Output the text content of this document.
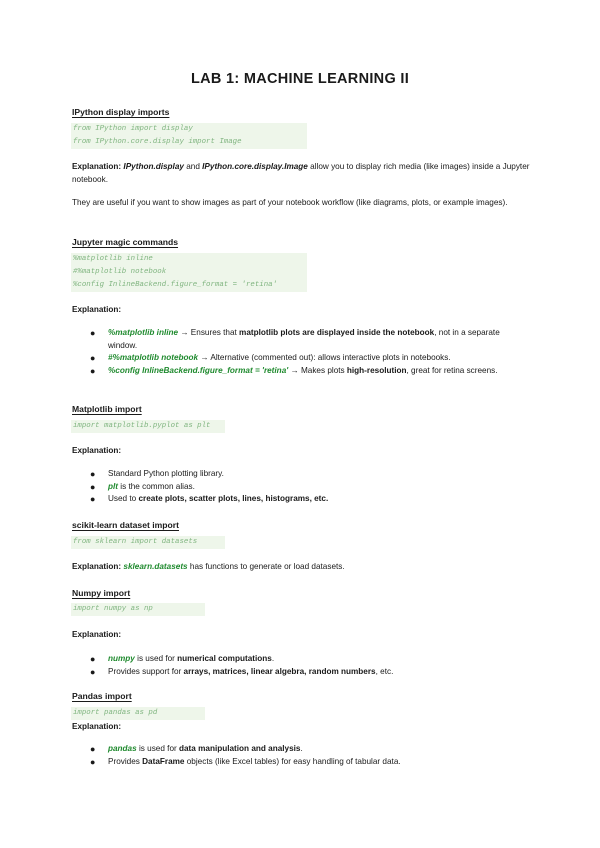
LAB 1: MACHINE LEARNING II
IPython display imports
from IPython import display
from IPython.core.display import Image
Explanation: IPython.display and IPython.core.display.Image allow you to display rich media (like images) inside a Jupyter notebook.
They are useful if you want to show images as part of your notebook workflow (like diagrams, plots, or example images).
Jupyter magic commands
%matplotlib inline
#%matplotlib notebook
%config InlineBackend.figure_format = 'retina'
Explanation:
● %matplotlib inline → Ensures that matplotlib plots are displayed inside the notebook, not in a separate window.
● #%matplotlib notebook → Alternative (commented out): allows interactive plots in notebooks.
● %config InlineBackend.figure_format = 'retina' → Makes plots high-resolution, great for retina screens.
Matplotlib import
import matplotlib.pyplot as plt
Explanation:
● Standard Python plotting library.
● plt is the common alias.
● Used to create plots, scatter plots, lines, histograms, etc.
scikit-learn dataset import
from sklearn import datasets
Explanation: sklearn.datasets has functions to generate or load datasets.
Numpy import
import numpy as np
Explanation:
● numpy is used for numerical computations.
● Provides support for arrays, matrices, linear algebra, random numbers, etc.
Pandas import
import pandas as pd
Explanation:
● pandas is used for data manipulation and analysis.
● Provides DataFrame objects (like Excel tables) for easy handling of tabular data.
